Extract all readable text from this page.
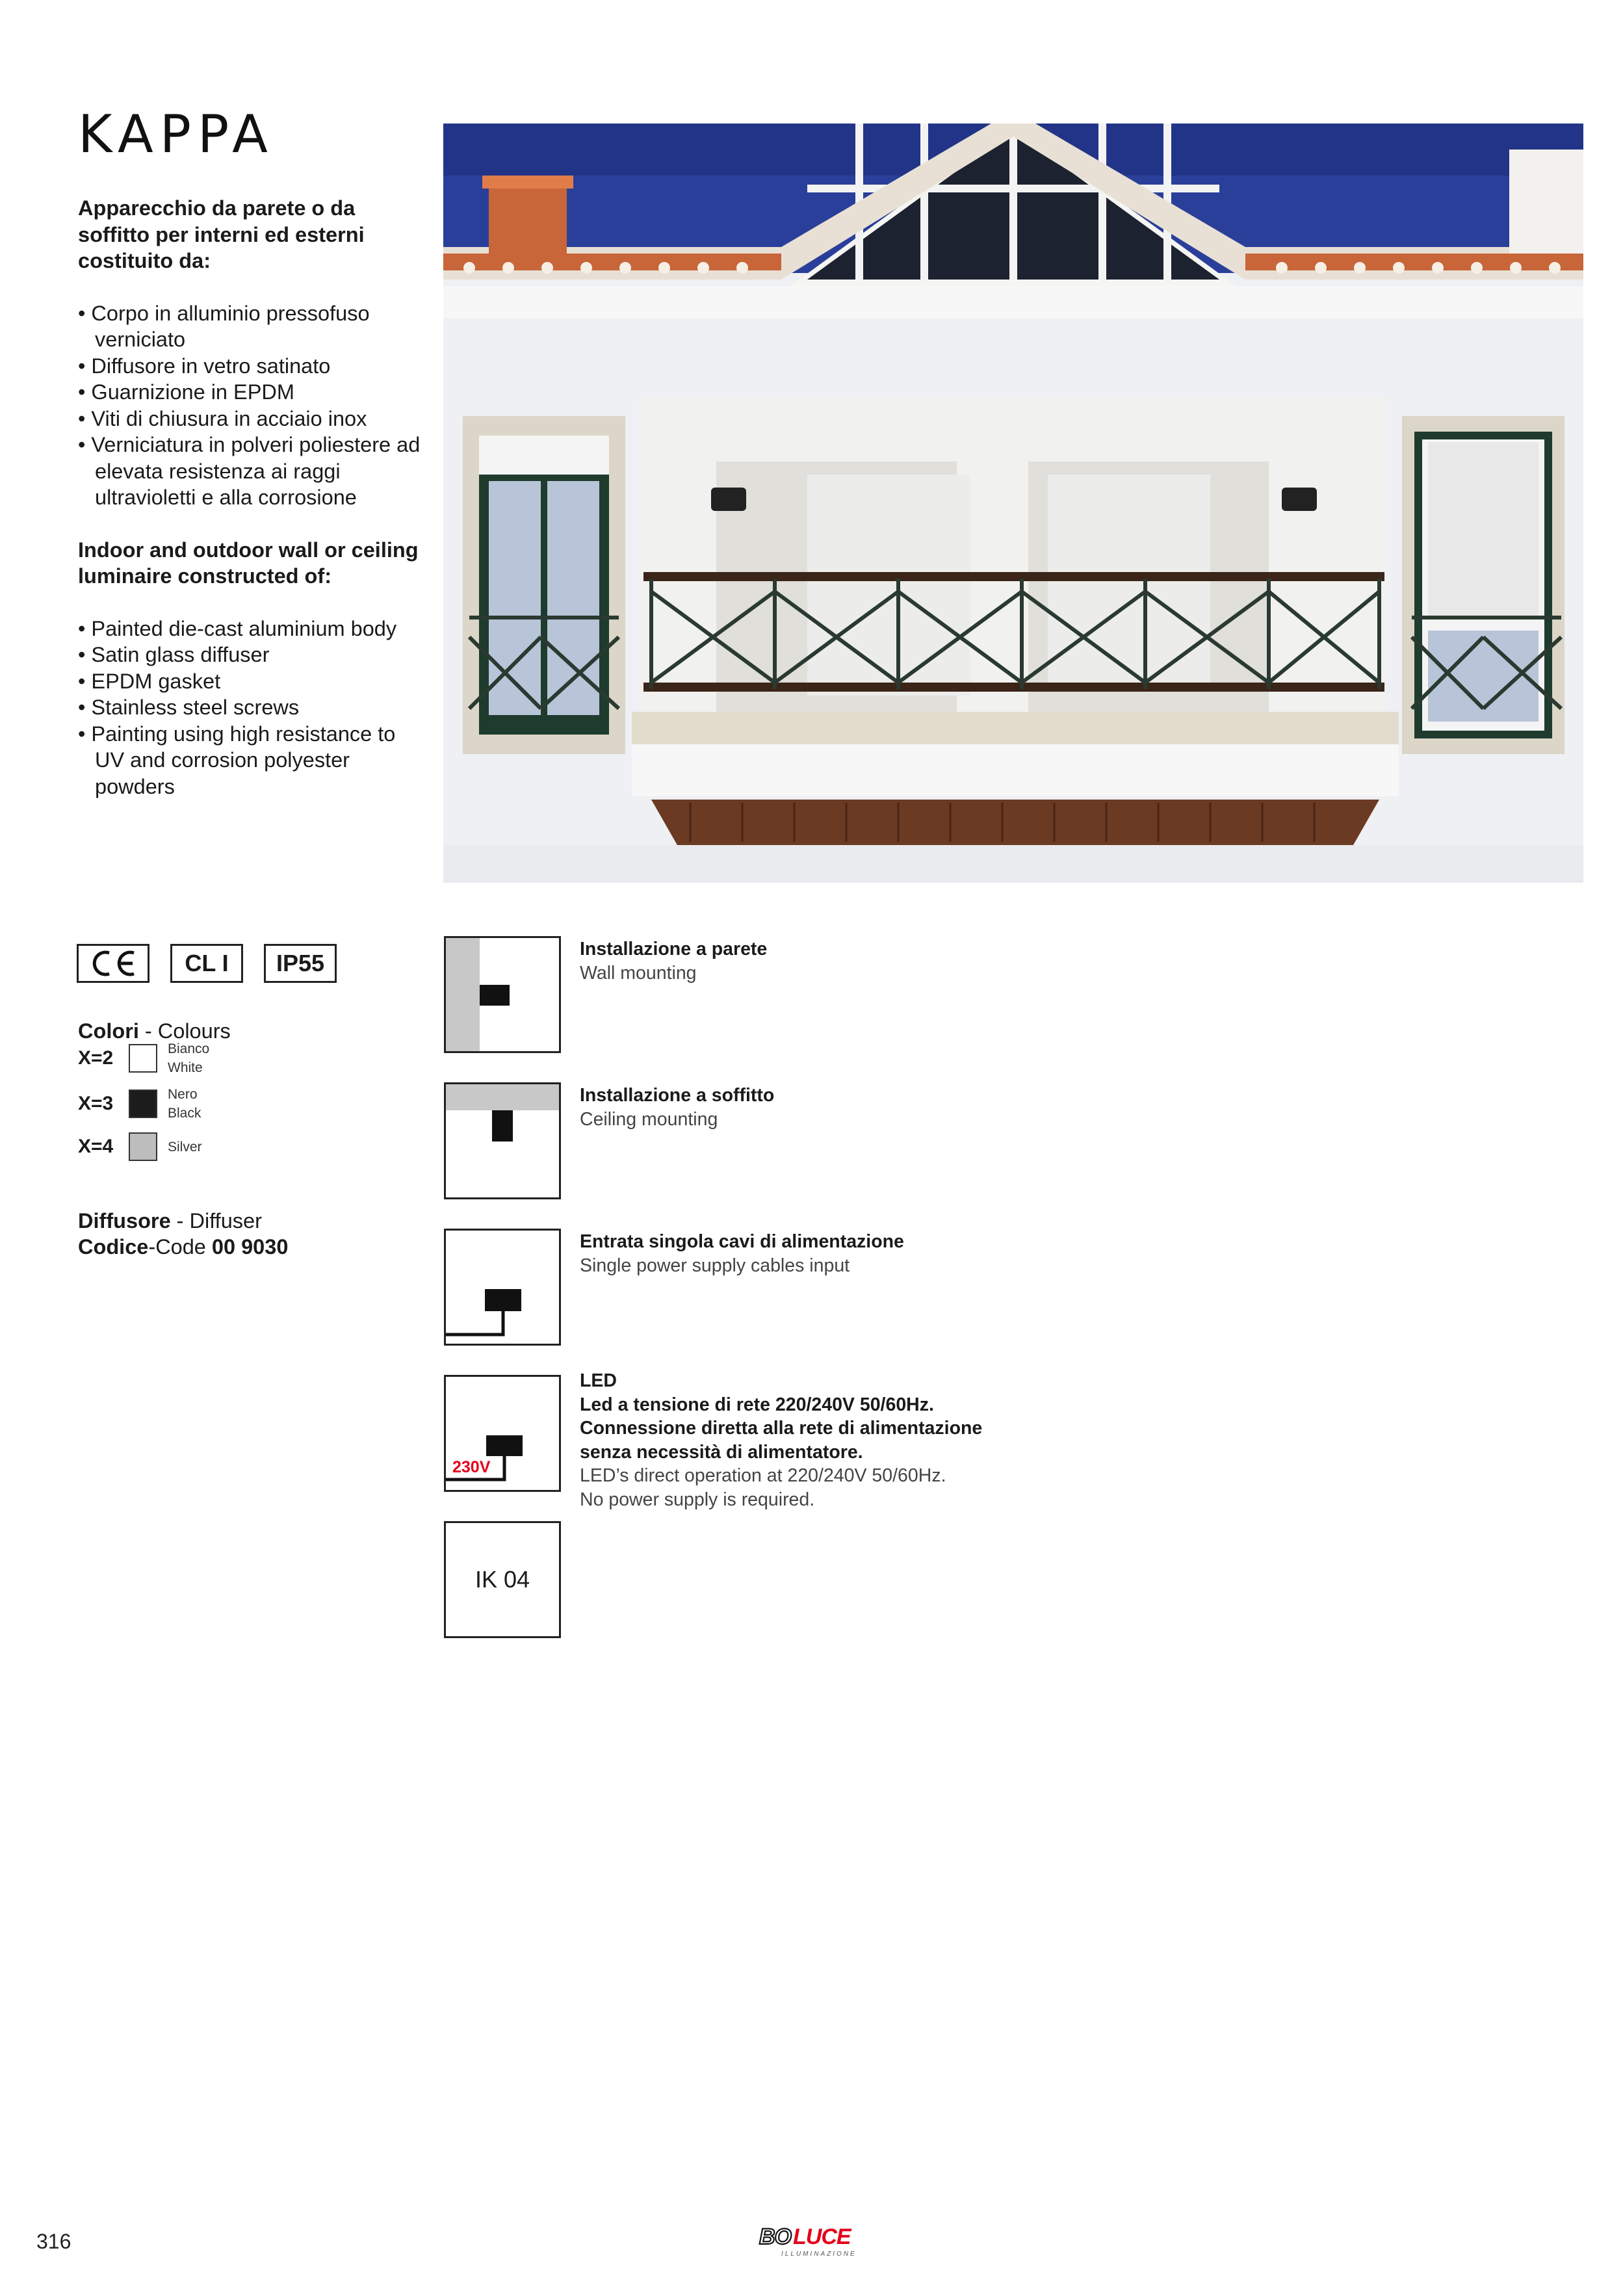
KAPPA
Apparecchio da parete o da soffitto per interni ed esterni costituito da:
• Corpo in alluminio pressofuso verniciato
• Diffusore in vetro satinato
• Guarnizione in EPDM
• Viti di chiusura in acciaio inox
• Verniciatura in polveri poliestere ad elevata resistenza ai raggi ultravioletti e alla corrosione
Indoor and outdoor wall or ceiling luminaire constructed of:
• Painted die-cast aluminium body
• Satin glass diffuser
• EPDM gasket
• Stainless steel screws
• Painting using high resistance to UV and corrosion polyester powders
CL I	IP55
Colori - Colours
X=2	Bianco
White
X=3	Nero
Black
X=4	Silver
Diffusore - Diffuser
Codice-Code 00 9030
Installazione a parete
Wall mounting
Installazione a soffitto
Ceiling mounting
Entrata singola cavi di alimentazione
Single power supply cables input
230V
LED
Led a tensione di rete 220/240V 50/60Hz.
Connessione diretta alla rete di alimentazione
senza necessità di alimentatore.
LED’s direct operation at 220/240V 50/60Hz.
No power supply is required.
IK 04
316	BO LUCE
ILLUMINAZIONE
